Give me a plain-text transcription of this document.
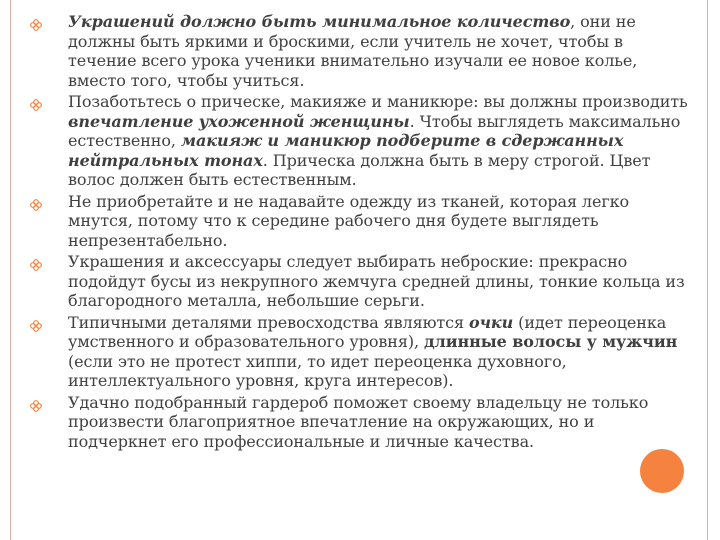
Украшений должно быть минимальное количество, они не должны быть яркими и броскими, если учитель не хочет, чтобы в течение всего урока ученики внимательно изучали ее новое колье, вместо того, чтобы учиться.
Позаботьтесь о прическе, макияже и маникюре: вы должны производить впечатление ухоженной женщины. Чтобы выглядеть максимально естественно, макияж и маникюр подберите в сдержанных нейтральных тонах. Прическа должна быть в меру строгой. Цвет волос должен быть естественным.
Не приобретайте и не надавайте одежду из тканей, которая легко мнутся, потому что к середине рабочего дня будете выглядеть непрезентабельно.
Украшения и аксессуары следует выбирать неброские: прекрасно подойдут бусы из некрупного жемчуга средней длины, тонкие кольца из благородного металла, небольшие серьги.
Типичными деталями превосходства являются очки (идет переоценка умственного и образовательного уровня), длинные волосы у мужчин (если это не протест хиппи, то идет переоценка духовного, интеллектуального уровня, круга интересов).
Удачно подобранный гардероб поможет своему владельцу не только произвести благоприятное впечатление на окружающих, но и подчеркнет его профессиональные и личные качества.
